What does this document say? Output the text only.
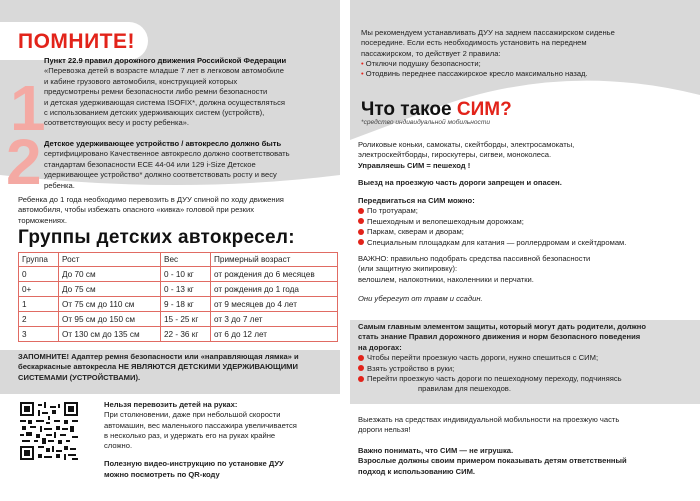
ПОМНИТЕ!
1
Пункт 22.9 правил дорожного движения Российской Федерации
«Перевозка детей в возрасте младше 7 лет в легковом автомобиле
и кабине грузового автомобиля, конструкцией которых
предусмотрены ремни безопасности либо ремни безопасности
и детская удерживающая система ISOFIX*, должна осуществляться
с использованием детских удерживающих систем (устройств),
соответствующих весу и росту ребенка».
2 Детское удерживающее устройство / автокресло должно быть
сертифицировано Качественное автокресло должно соответствовать
стандартам безопасности ECE 44-04 или 129 i-Size Детское
удерживающее устройство* должно соответствовать росту и весу
ребенка.
Ребенка до 1 года необходимо перевозить в ДУУ спиной по ходу движения
автомобиля, чтобы избежать опасного «кивка» головой при резких
торможениях.
Группы детских автокресел:
Группа	Рост	Вес	Примерный возраст
0	До 70 см	0 - 10 кг	от рождения до 6 месяцев
0+	До 75 см	0 - 13 кг	от рождения до 1 года
1	От 75 см до 110 см	9 - 18 кг	от 9 месяцев до 4 лет
2	От 95 см до 150 см	15 - 25 кг	от 3 до 7 лет
3	От 130 см до 135 см	22 - 36 кг	от 6 до 12 лет
ЗАПОМНИТЕ! Адаптер ремня безопасности или «направляющая лямка» и
бескаркасные автокресла НЕ ЯВЛЯЮТСЯ ДЕТСКИМИ УДЕРЖИВАЮЩИМИ
СИСТЕМАМИ (УСТРОЙСТВАМИ).
Нельзя перевозить детей на руках:
При столкновении, даже при небольшой скорости
автомашин, вес маленького пассажира увеличивается
в несколько раз, и удержать его на руках крайне
сложно.
Полезную видео-инструкцию по установке ДУУ
можно посмотреть по QR-коду
Мы рекомендуем устанавливать ДУУ на заднем пассажирском сиденье
посередине. Если есть необходимость установить на переднем
пассажирском, то действует 2 правила:
• Отключи подушку безопасности;
• Отодвинь переднее пассажирское кресло максимально назад.
Что такое СИМ?
*средство индивидуальной мобильности
Роликовые коньки, самокаты, скейтборды, электросамокаты,
электроскейтборды, гироскутеры, сигвеи, моноколеса.
Управляешь СИМ = пешеход !
Выезд на проезжую часть дороги запрещен и опасен.
Передвигаться на СИМ можно:
По тротуарам;
Пешеходным и велопешеходным дорожкам;
Паркам, скверам и дворам;
Специальным площадкам для катания — роллердромам и скейтдромам.
ВАЖНО: правильно подобрать средства пассивной безопасности
(или защитную экипировку):
велошлем, налокотники, наколенники и перчатки.
Они уберегут от травм и ссадин.
Самым главным элементом защиты, который могут дать родители, должно
стать знание Правил дорожного движения и норм безопасного поведения
на дорогах:
Чтобы перейти проезжую часть дороги, нужно спешиться с СИМ;
Взять устройство в руки;
Перейти проезжую часть дороги по пешеходному переходу, подчиняясь
правилам для пешеходов.
Выезжать на средствах индивидуальной мобильности на проезжую часть
дороги нельзя!
Важно понимать, что СИМ — не игрушка.
Взрослые должны своим примером показывать детям ответственный
подход к использованию СИМ.
